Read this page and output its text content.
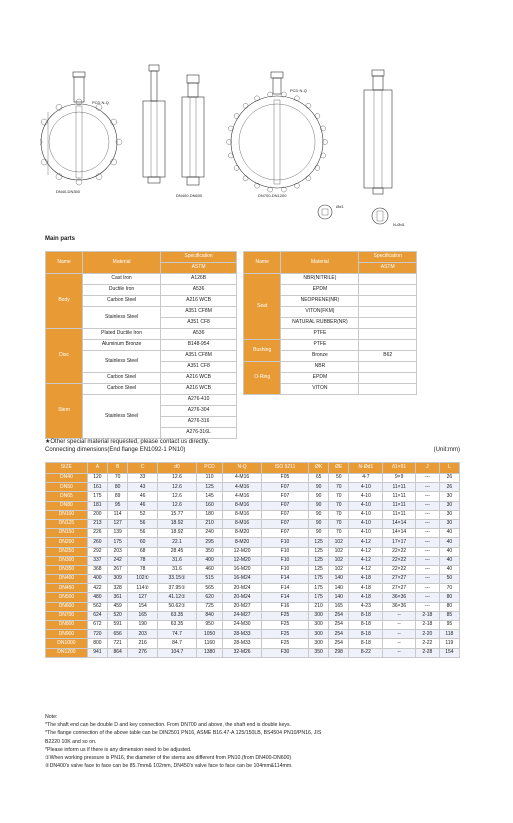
PCD N-Q
DN40-DN350
DN400-DN600
PCD N-Q
DN700-DN1200
Ød1
N-Ød1
Main parts
Name	Material	Specification
		ASTM
Body	Cast Iron	A126B
	Ductile Iron	A536
	Carbon Steel	A216 WCB
	Stainless Steel	A351 CF8M
		A351 CF8
Disc	Plated Ductile Iron	A536
	Aluminum Bronze	B148-954
	Stainless Steel	A351 CF8M
		A351 CF8
	Carbon Steel	A216 WCB
Stem	Carbon Steel	A216 WCB
	Stainless Steel	A276-410
		A276-304
		A276-316
		A276-316L
Name	Material	Specification
		ASTM
Seat	NBR(NITRILE)	
	EPDM	
	NEOPRENE(NR)	
	VITON(FKM)	
	NATURAL RUBBER(NR)	
	PTFE	
Bushing	PTFE	
	Bronze	B62
O-Ring	NBR	
	EPDM	
	VITON	
★Other special material requested, please contact us directly.
Connecting dimensions(End flange EN1092-1 PN10)	(Unit:mm)
SIZE	A	B	C	d0	PCD	N-Q	ISO 5211	ØK	ØE	N-Ød1	δ1×δ1	J	L
DN40	120	70	33	12.6	110	4-M16	F05	65	50	4-7	9×9	---	26
DN50	161	80	43	12.6	125	4-M16	F07	90	70	4-10	11×11	---	26
DN65	175	89	46	12.6	145	4-M16	F07	90	70	4-10	11×11	---	30
DN80	181	95	46	12.6	160	8-M16	F07	90	70	4-10	11×11	---	30
DN100	200	114	52	15.77	180	8-M16	F07	90	70	4-10	11×11	---	30
DN125	213	127	56	18.92	210	8-M16	F07	90	70	4-10	14×14	---	30
DN150	226	139	56	18.92	240	8-M20	F07	90	70	4-10	14×14	---	40
DN200	260	175	60	22.1	295	8-M20	F10	125	102	4-12	17×17	---	40
DN250	292	203	68	28.45	350	12-M20	F10	125	102	4-12	22×22	---	40
DN300	337	242	78	31.6	400	12-M20	F10	125	102	4-12	22×22	---	40
DN350	368	267	78	31.6	460	16-M20	F10	125	102	4-12	22×22	---	40
DN400	400	309	102①	33.15①	515	16-M24	F14	175	140	4-18	27×27	---	50
DN450	422	328	114②	37.95①	565	20-M24	F14	175	140	4-18	27×27	---	70
DN500	480	361	127	41.12①	620	20-M24	F14	175	140	4-18	36×36	---	80
DN600	562	459	154	50.62①	725	20-M27	F16	210	165	4-23	36×36	---	80
DN700	624	520	165	63.35	840	24-M27	F25	300	254	8-18	--	2-18	85
DN800	672	591	190	63.35	950	24-M30	F25	300	254	8-18	--	2-18	95
DN900	720	656	203	74.7	1050	28-M33	F25	300	254	8-18	--	2-20	118
DN1000	800	721	216	84.7	1160	28-M33	F25	300	254	8-18	--	2-22	119
DN1200	941	864	276	104.7	1380	32-M26	F30	350	298	8-22	--	2-28	154
Note:
*The shaft end can be double D and key connection. From DN700 and above, the shaft end is double keys.
*The flange connection of the above table can be DIN2501 PN16, ASME B16.47-A 125/150LB, BS4504 PN10/PN16, JIS
B2220 10K and so on.
*Please inform us if there is any dimension need to be adjusted.
①When working pressure is PN16, the diameter of the stems are different from PN10.(from DN400-DN600)
②DN400's valve face to face can be 85.7mm& 102mm, DN450's valve face to face can be 104mm&114mm.
